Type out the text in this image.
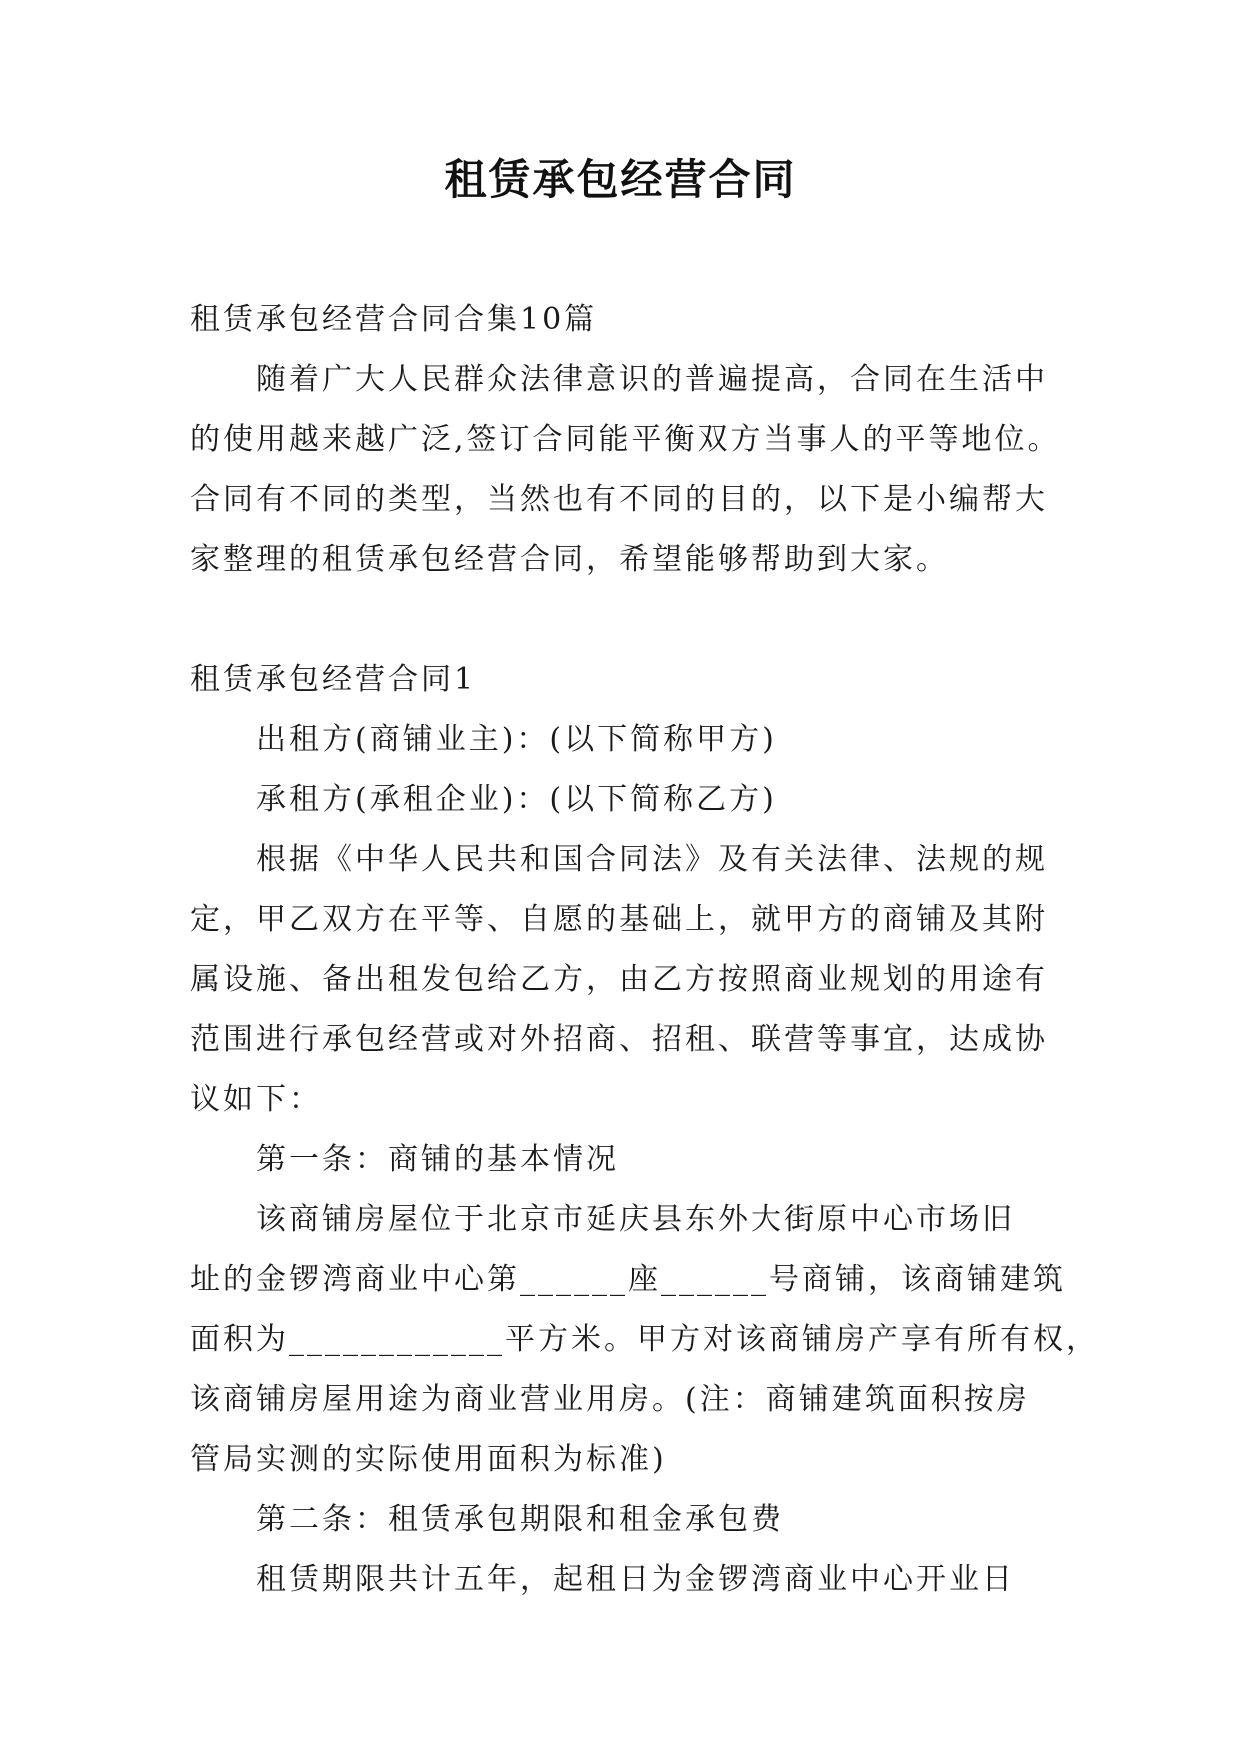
租赁承包经营合同
租赁承包经营合同合集10篇
随着广大人民群众法律意识的普遍提高，合同在生活中
的使用越来越广泛,签订合同能平衡双方当事人的平等地位。
合同有不同的类型，当然也有不同的目的，以下是小编帮大
家整理的租赁承包经营合同，希望能够帮助到大家。
租赁承包经营合同1
出租方(商铺业主)：(以下简称甲方)
承租方(承租企业)：(以下简称乙方)
根据《中华人民共和国合同法》及有关法律、法规的规
定，甲乙双方在平等、自愿的基础上，就甲方的商铺及其附
属设施、备出租发包给乙方，由乙方按照商业规划的用途有
范围进行承包经营或对外招商、招租、联营等事宜，达成协
议如下：
第一条：商铺的基本情况
该商铺房屋位于北京市延庆县东外大街原中心市场旧
址的金锣湾商业中心第______座______号商铺，该商铺建筑
面积为____________平方米。甲方对该商铺房产享有所有权，
该商铺房屋用途为商业营业用房。(注：商铺建筑面积按房
管局实测的实际使用面积为标准)
第二条：租赁承包期限和租金承包费
租赁期限共计五年，起租日为金锣湾商业中心开业日
